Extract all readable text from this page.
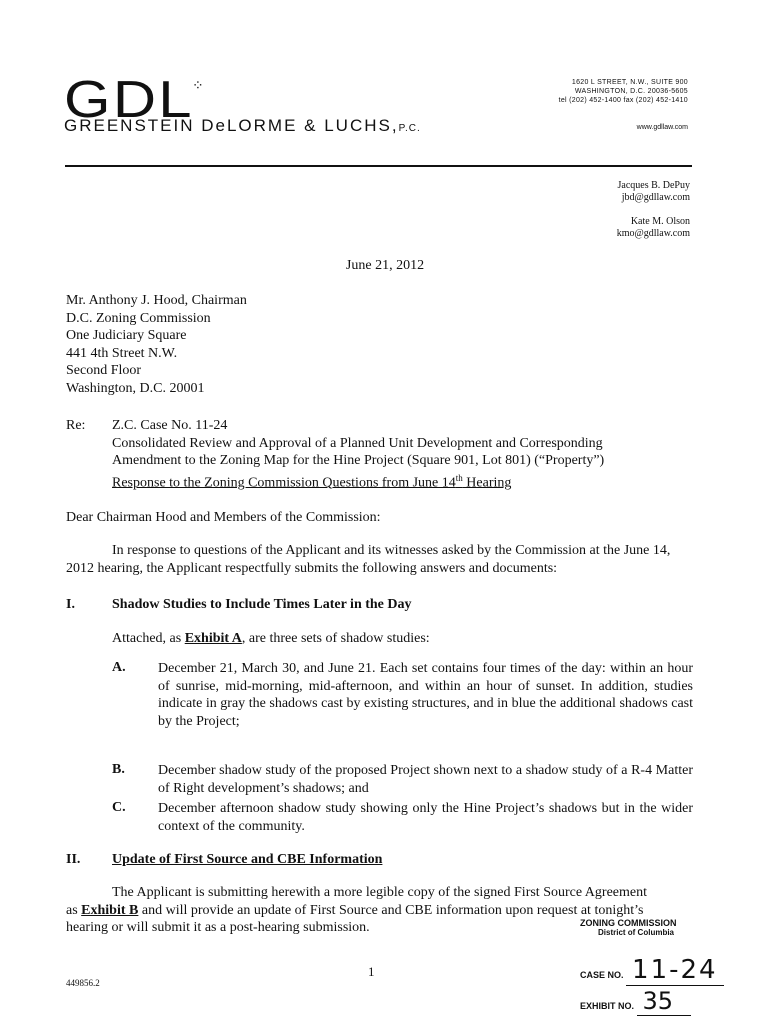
GDL
⁘
GREENSTEIN DeLORME & LUCHS,P.C.
1620 L STREET, N.W., SUITE 900
WASHINGTON, D.C. 20036-5605
tel (202) 452-1400 fax (202) 452-1410
www.gdllaw.com
Jacques B. DePuy
jbd@gdllaw.com
Kate M. Olson
kmo@gdllaw.com
June 21, 2012
Mr. Anthony J. Hood, Chairman
D.C. Zoning Commission
One Judiciary Square
441 4th Street N.W.
Second Floor
Washington, D.C. 20001
Re: Z.C. Case No. 11-24
Consolidated Review and Approval of a Planned Unit Development and Corresponding
Amendment to the Zoning Map for the Hine Project (Square 901, Lot 801) (“Property”)
Response to the Zoning Commission Questions from June 14th Hearing
Dear Chairman Hood and Members of the Commission:
In response to questions of the Applicant and its witnesses asked by the Commission at the June 14, 2012 hearing, the Applicant respectfully submits the following answers and documents:
I.	Shadow Studies to Include Times Later in the Day
Attached, as Exhibit A, are three sets of shadow studies:
A. December 21, March 30, and June 21. Each set contains four times of the day: within an hour of sunrise, mid-morning, mid-afternoon, and within an hour of sunset. In addition, studies indicate in gray the shadows cast by existing structures, and in blue the additional shadows cast by the Project;
B. December shadow study of the proposed Project shown next to a shadow study of a R-4 Matter of Right development’s shadows; and
C. December afternoon shadow study showing only the Hine Project’s shadows but in the wider context of the community.
II. Update of First Source and CBE Information
The Applicant is submitting herewith a more legible copy of the signed First Source Agreement
as Exhibit B and will provide an update of First Source and CBE information upon request at tonight’s
hearing or will submit it as a post-hearing submission.
449856.2
1
ZONING COMMISSION
District of Columbia
CASE NO. 11-24
EXHIBIT NO. 35
